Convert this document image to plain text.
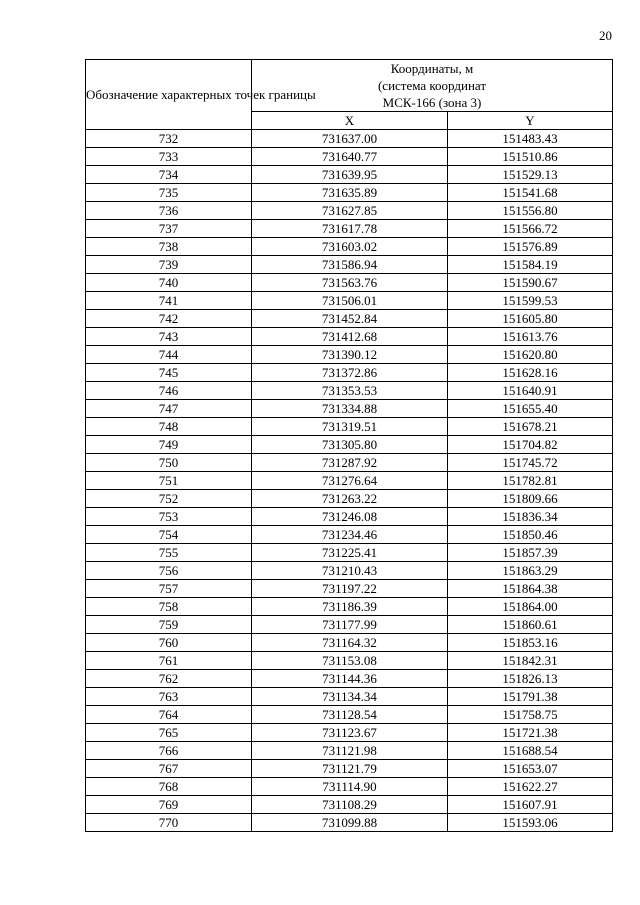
20
Обозначение характерных точек границы	Координаты, м
(система координат
МСК-166 (зона 3)	

	X	Y
732	731637.00	151483.43
733	731640.77	151510.86
734	731639.95	151529.13
735	731635.89	151541.68
736	731627.85	151556.80
737	731617.78	151566.72
738	731603.02	151576.89
739	731586.94	151584.19
740	731563.76	151590.67
741	731506.01	151599.53
742	731452.84	151605.80
743	731412.68	151613.76
744	731390.12	151620.80
745	731372.86	151628.16
746	731353.53	151640.91
747	731334.88	151655.40
748	731319.51	151678.21
749	731305.80	151704.82
750	731287.92	151745.72
751	731276.64	151782.81
752	731263.22	151809.66
753	731246.08	151836.34
754	731234.46	151850.46
755	731225.41	151857.39
756	731210.43	151863.29
757	731197.22	151864.38
758	731186.39	151864.00
759	731177.99	151860.61
760	731164.32	151853.16
761	731153.08	151842.31
762	731144.36	151826.13
763	731134.34	151791.38
764	731128.54	151758.75
765	731123.67	151721.38
766	731121.98	151688.54
767	731121.79	151653.07
768	731114.90	151622.27
769	731108.29	151607.91
770	731099.88	151593.06
